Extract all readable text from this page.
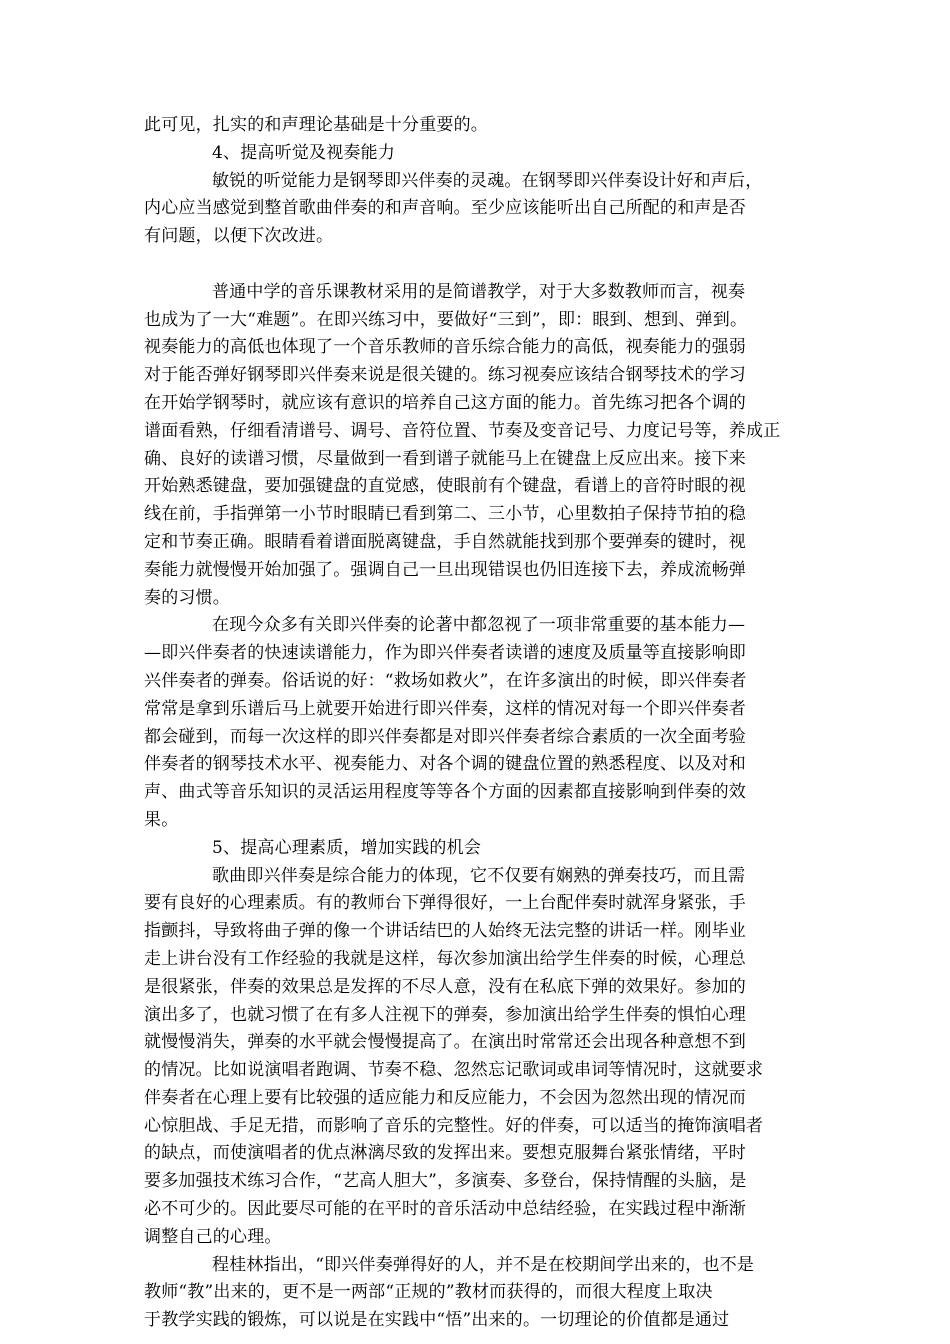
此可见，扎实的和声理论基础是十分重要的。
4、提高听觉及视奏能力
敏锐的听觉能力是钢琴即兴伴奏的灵魂。在钢琴即兴伴奏设计好和声后，
内心应当感觉到整首歌曲伴奏的和声音响。至少应该能听出自己所配的和声是否
有问题，以便下次改进。
普通中学的音乐课教材采用的是简谱教学，对于大多数教师而言，视奏
也成为了一大“难题”。在即兴练习中，要做好“三到”，即：眼到、想到、弹到。
视奏能力的高低也体现了一个音乐教师的音乐综合能力的高低，视奏能力的强弱
对于能否弹好钢琴即兴伴奏来说是很关键的。练习视奏应该结合钢琴技术的学习
在开始学钢琴时，就应该有意识的培养自己这方面的能力。首先练习把各个调的
谱面看熟，仔细看清谱号、调号、音符位置、节奏及变音记号、力度记号等，养成正
确、良好的读谱习惯，尽量做到一看到谱子就能马上在键盘上反应出来。接下来
开始熟悉键盘，要加强键盘的直觉感，使眼前有个键盘，看谱上的音符时眼的视
线在前，手指弹第一小节时眼睛已看到第二、三小节，心里数拍子保持节拍的稳
定和节奏正确。眼睛看着谱面脱离键盘，手自然就能找到那个要弹奏的键时，视
奏能力就慢慢开始加强了。强调自己一旦出现错误也仍旧连接下去，养成流畅弹
奏的习惯。
在现今众多有关即兴伴奏的论著中都忽视了一项非常重要的基本能力—
—即兴伴奏者的快速读谱能力，作为即兴伴奏者读谱的速度及质量等直接影响即
兴伴奏者的弹奏。俗话说的好：“救场如救火”，在许多演出的时候，即兴伴奏者
常常是拿到乐谱后马上就要开始进行即兴伴奏，这样的情况对每一个即兴伴奏者
都会碰到，而每一次这样的即兴伴奏都是对即兴伴奏者综合素质的一次全面考验
伴奏者的钢琴技术水平、视奏能力、对各个调的键盘位置的熟悉程度、以及对和
声、曲式等音乐知识的灵活运用程度等等各个方面的因素都直接影响到伴奏的效
果。
5、提高心理素质，增加实践的机会
歌曲即兴伴奏是综合能力的体现，它不仅要有娴熟的弹奏技巧，而且需
要有良好的心理素质。有的教师台下弹得很好，一上台配伴奏时就浑身紧张，手
指颤抖，导致将曲子弹的像一个讲话结巴的人始终无法完整的讲话一样。刚毕业
走上讲台没有工作经验的我就是这样，每次参加演出给学生伴奏的时候，心理总
是很紧张，伴奏的效果总是发挥的不尽人意，没有在私底下弹的效果好。参加的
演出多了，也就习惯了在有多人注视下的弹奏，参加演出给学生伴奏的惧怕心理
就慢慢消失，弹奏的水平就会慢慢提高了。在演出时常常还会出现各种意想不到
的情况。比如说演唱者跑调、节奏不稳、忽然忘记歌词或串词等情况时，这就要求
伴奏者在心理上要有比较强的适应能力和反应能力，不会因为忽然出现的情况而
心惊胆战、手足无措，而影响了音乐的完整性。好的伴奏，可以适当的掩饰演唱者
的缺点，而使演唱者的优点淋漓尽致的发挥出来。要想克服舞台紧张情绪，平时
要多加强技术练习合作，“艺高人胆大”，多演奏、多登台，保持情醒的头脑，是
必不可少的。因此要尽可能的在平时的音乐活动中总结经验，在实践过程中渐渐
调整自己的心理。
程桂林指出，“即兴伴奏弹得好的人，并不是在校期间学出来的，也不是
教师“教”出来的，更不是一两部“正规的”教材而获得的，而很大程度上取决
于教学实践的锻炼，可以说是在实践中“悟”出来的。一切理论的价值都是通过
